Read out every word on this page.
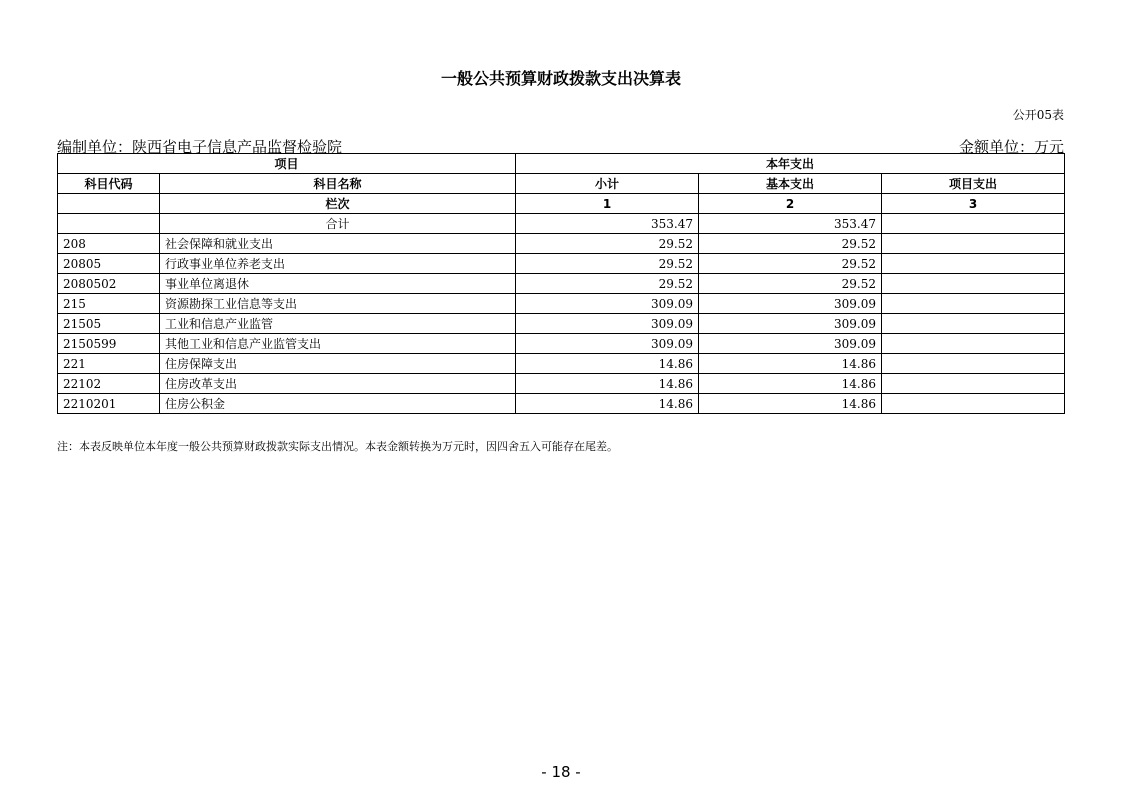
一般公共预算财政拨款支出决算表
公开05表
编制单位：陕西省电子信息产品监督检验院	金额单位：万元
项目		本年支出		
科目代码	科目名称	小计	基本支出	项目支出
	栏次	1	2	3
	合计	353.47	353.47	
208	社会保障和就业支出	29.52	29.52	
20805	行政事业单位养老支出	29.52	29.52	
2080502	事业单位离退休	29.52	29.52	
215	资源勘探工业信息等支出	309.09	309.09	
21505	工业和信息产业监管	309.09	309.09	
2150599	其他工业和信息产业监管支出	309.09	309.09	
221	住房保障支出	14.86	14.86	
22102	住房改革支出	14.86	14.86	
2210201	住房公积金	14.86	14.86	
注：本表反映单位本年度一般公共预算财政拨款实际支出情况。本表金额转换为万元时，因四舍五入可能存在尾差。
- 18 -
